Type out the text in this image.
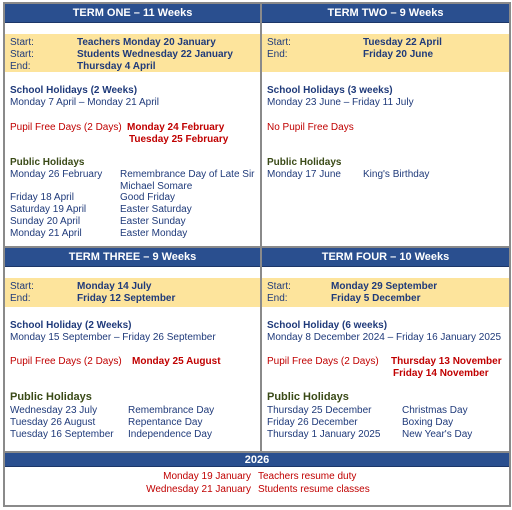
TERM ONE – 11 Weeks
Start:	Teachers Monday 20 January
Start:	Students Wednesday 22 January
End:	Thursday 4 April
School Holidays (2 Weeks)
Monday 7 April – Monday 21 April
Pupil Free Days (2 Days) Monday 24 February
Tuesday 25 February
Public Holidays
Monday 26 February Remembrance Day of Late Sir
Michael Somare
Friday 18 April	Good Friday
Saturday 19 April	Easter Saturday
Sunday 20 April	Easter Sunday
Monday 21 April	Easter Monday
TERM TWO – 9 Weeks
Start:	Tuesday 22 April
End:	Friday 20 June
School Holidays (3 weeks)
Monday 23 June – Friday 11 July
No Pupil Free Days
Public Holidays
Monday 17 June King's Birthday
TERM THREE – 9 Weeks
Start:	Monday 14 July
End:	Friday 12 September
School Holiday (2 Weeks)
Monday 15 September – Friday 26 September
Pupil Free Days (2 Days) Monday 25 August
Public Holidays
Wednesday 23 July	Remembrance Day
Tuesday 26 August	Repentance Day
Tuesday 16 September Independence Day
TERM FOUR – 10 Weeks
Start:	Monday 29 September
End:	Friday 5 December
School Holiday (6 weeks)
Monday 8 December 2024 – Friday 16 January 2025
Pupil Free Days (2 Days) Thursday 13 November
Friday 14 November
Public Holidays
Thursday 25 December	Christmas Day
Friday 26 December	Boxing Day
Thursday 1 January 2025 New Year's Day
2026
Monday 19 January Teachers resume duty
Wednesday 21 January Students resume classes
